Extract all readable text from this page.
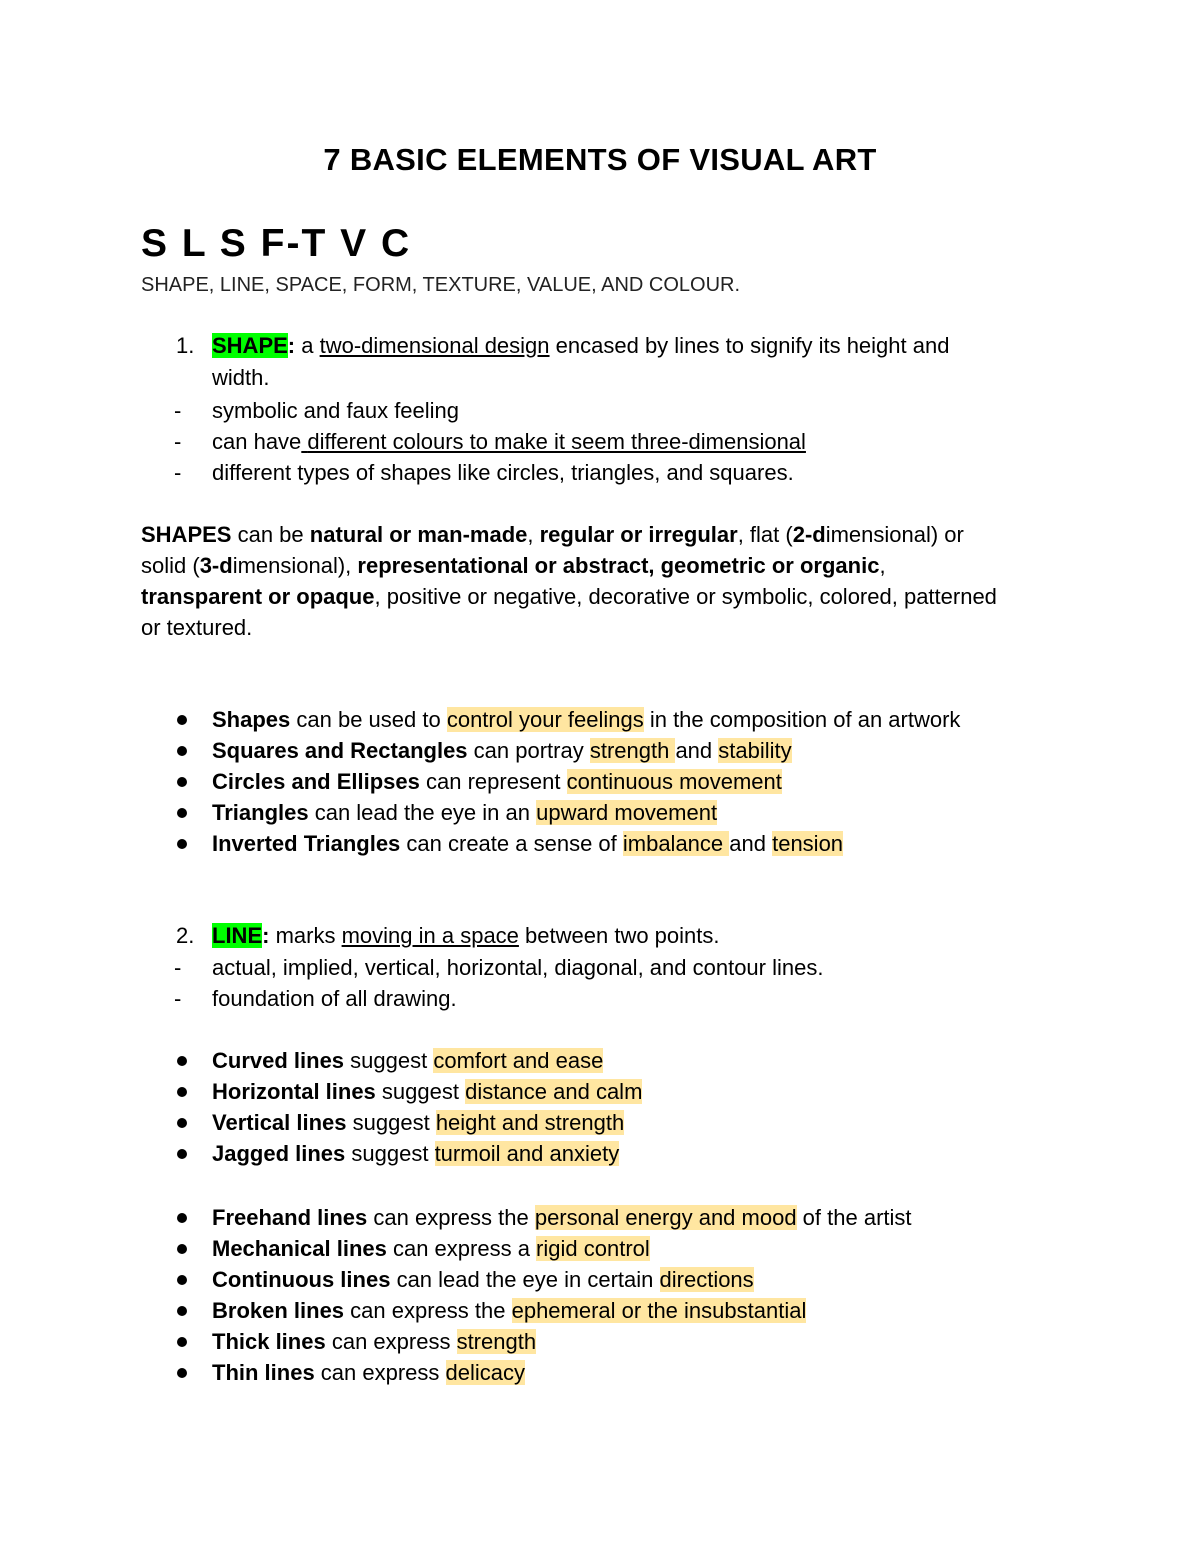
7 BASIC ELEMENTS OF VISUAL ART
S L S F-T V C
SHAPE, LINE, SPACE, FORM, TEXTURE, VALUE, AND COLOUR.
1. SHAPE: a two-dimensional design encased by lines to signify its height and
width.
- symbolic and faux feeling
- can have different colours to make it seem three-dimensional
- different types of shapes like circles, triangles, and squares.
SHAPES can be natural or man-made, regular or irregular, flat (2-dimensional) or
solid (3-dimensional), representational or abstract, geometric or organic,
transparent or opaque, positive or negative, decorative or symbolic, colored, patterned
or textured.
Shapes can be used to control your feelings in the composition of an artwork
Squares and Rectangles can portray strength and stability
Circles and Ellipses can represent continuous movement
Triangles can lead the eye in an upward movement
Inverted Triangles can create a sense of imbalance and tension
2. LINE: marks moving in a space between two points.
- actual, implied, vertical, horizontal, diagonal, and contour lines.
- foundation of all drawing.
Curved lines suggest comfort and ease
Horizontal lines suggest distance and calm
Vertical lines suggest height and strength
Jagged lines suggest turmoil and anxiety
Freehand lines can express the personal energy and mood of the artist
Mechanical lines can express a rigid control
Continuous lines can lead the eye in certain directions
Broken lines can express the ephemeral or the insubstantial
Thick lines can express strength
Thin lines can express delicacy
